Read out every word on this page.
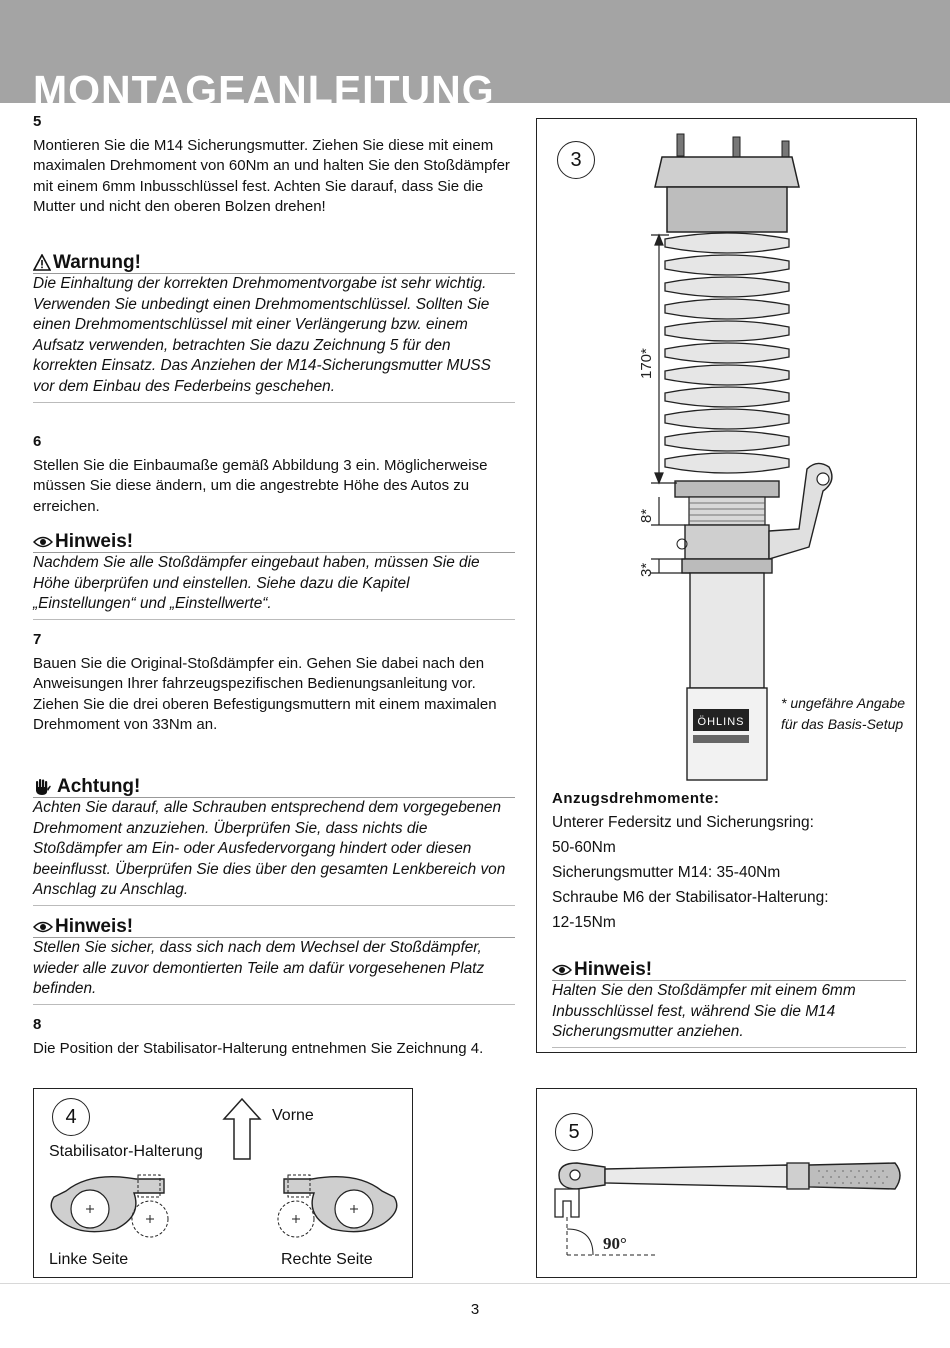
MONTAGEANLEITUNG
5
Montieren Sie die M14 Sicherungsmutter. Ziehen Sie diese mit einem maximalen Drehmoment von 60Nm an und halten Sie den Stoßdämpfer mit einem 6mm Inbusschlüssel fest. Achten Sie darauf, dass Sie die Mutter und nicht den oberen Bolzen drehen!
Warnung!
Die Einhaltung der korrekten Drehmomentvorgabe ist sehr wichtig. Verwenden Sie unbedingt einen Drehmomentschlüssel. Sollten Sie einen Drehmomentschlüssel mit einer Verlängerung bzw. einem Aufsatz verwenden, betrachten Sie dazu Zeichnung 5 für den korrekten Einsatz. Das Anziehen der M14-Sicherungsmutter MUSS vor dem Einbau des Federbeins geschehen.
6
Stellen Sie die Einbaumaße gemäß Abbildung 3 ein. Möglicherweise müssen Sie diese ändern, um die angestrebte Höhe des Autos zu erreichen.
Hinweis!
Nachdem Sie alle Stoßdämpfer eingebaut haben, müssen Sie die Höhe überprüfen und einstellen. Siehe dazu die Kapitel „Einstellungen“ und „Einstellwerte“.
7
Bauen Sie die Original-Stoßdämpfer ein. Gehen Sie dabei nach den Anweisungen Ihrer fahrzeugspezifischen Bedienungsanleitung vor. Ziehen Sie die drei oberen Befestigungsmuttern mit einem maximalen Drehmoment von 33Nm an.
Achtung!
Achten Sie darauf, alle Schrauben entsprechend dem vorgegebenen Drehmoment anzuziehen. Überprüfen Sie, dass nichts die Stoßdämpfer am Ein- oder Ausfedervorgang hindert oder diesen beeinflusst. Überprüfen Sie dies über den gesamten Lenkbereich von Anschlag zu Anschlag.
Hinweis!
Stellen Sie sicher, dass sich nach dem Wechsel der Stoßdämpfer, wieder alle zuvor demontierten Teile am dafür vorgesehenen Platz befinden.
8
Die Position der Stabilisator-Halterung entnehmen Sie Zeichnung 4.
3
ÖHLINS
170*
8*
3*
* ungefähre Angabe für das Basis-Setup
Anzugsdrehmomente:
Unterer Federsitz und Sicherungsring:
50-60Nm
Sicherungsmutter M14: 35-40Nm
Schraube M6 der Stabilisator-Halterung:
12-15Nm
Hinweis!
Halten Sie den Stoßdämpfer mit einem 6mm Inbusschlüssel fest, während Sie die M14 Sicherungsmutter anziehen.
4	Vorne
Stabilisator-Halterung
Linke Seite	Rechte Seite
5
90°
3
